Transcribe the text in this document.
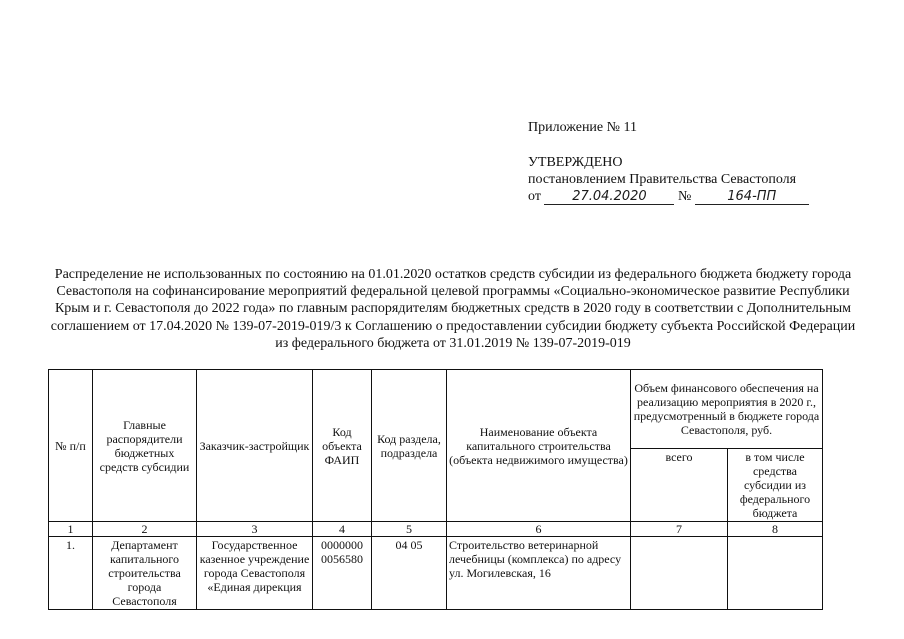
Приложение № 11
УТВЕРЖДЕНО
постановлением Правительства Севастополя
от 27.04.2020 №	164-ПП
Распределение не использованных по состоянию на 01.01.2020 остатков средств субсидии из федерального бюджета бюджету города Севастополя на софинансирование мероприятий федеральной целевой программы «Социально-экономическое развитие Республики Крым и г. Севастополя до 2022 года» по главным распорядителям бюджетных средств в 2020 году в соответствии с Дополнительным соглашением от 17.04.2020 № 139-07-2019-019/3 к Соглашению о предоставлении субсидии бюджету субъекта Российской Федерации из федерального бюджета от 31.01.2019 № 139-07-2019-019
№ п/п	Главные распорядители бюджетных средств субсидии	Заказчик-застройщик	Код объекта ФАИП	Код раздела, подраздела	Наименование объекта капитального строительства (объекта недвижимого имущества)	Объем финансового обеспечения на реализацию мероприятия в 2020 г., предусмотренный в бюджете города Севастополя, руб.	
						всего	в том числе средства субсидии из федерального бюджета
1	2	3	4	5	6	7	8
1.	Департамент капитального строительства города Севастополя	Государственное казенное учреждение города Севастополя «Единая дирекция	0000000 0056580	04 05	Строительство ветеринарной лечебницы (комплекса) по адресу ул. Могилевская, 16		
